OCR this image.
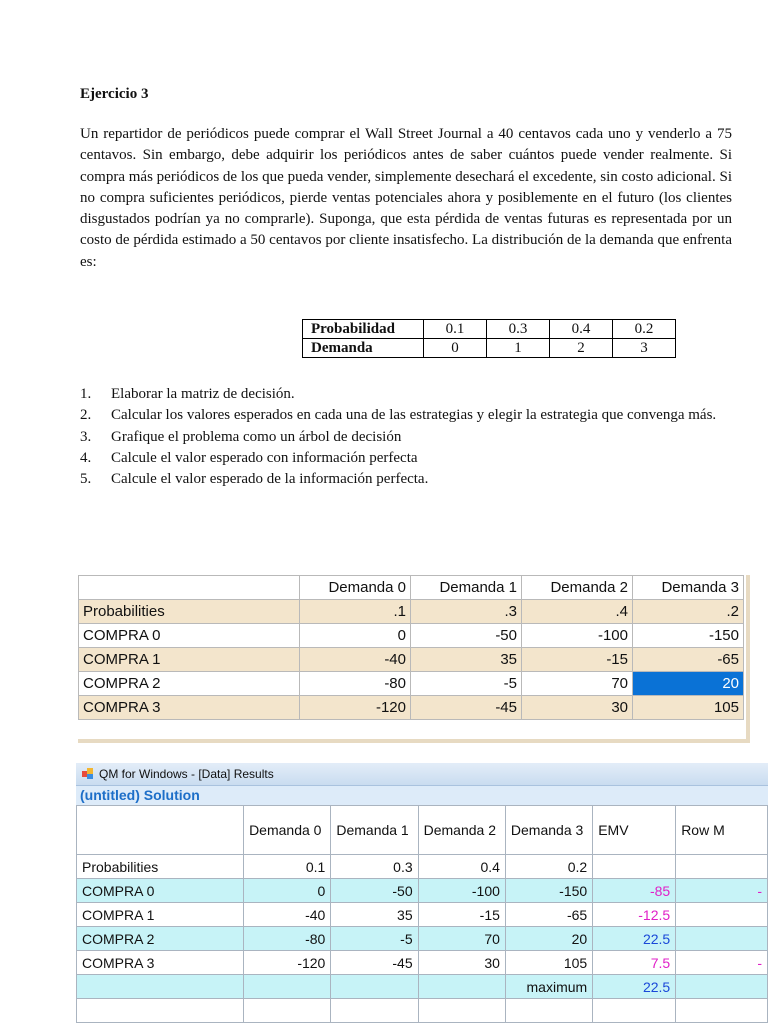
Ejercicio 3
Un repartidor de periódicos puede comprar el Wall Street Journal a 40 centavos cada uno y venderlo a 75 centavos. Sin embargo, debe adquirir los periódicos antes de saber cuántos puede vender realmente. Si compra más periódicos de los que pueda vender, simplemente desechará el excedente, sin costo adicional. Si no compra suficientes periódicos, pierde ventas potenciales ahora y posiblemente en el futuro (los clientes disgustados podrían ya no comprarle). Suponga, que esta pérdida de ventas futuras es representada por un costo de pérdida estimado a 50 centavos por cliente insatisfecho. La distribución de la demanda que enfrenta es:
Probabilidad	0.1	0.3	0.4	0.2
Demanda	0	1	2	3
1. Elaborar la matriz de decisión.
2. Calcular los valores esperados en cada una de las estrategias y elegir la estrategia que convenga más.
3. Grafique el problema como un árbol de decisión
4. Calcule el valor esperado con información perfecta
5. Calcule el valor esperado de la información perfecta.
	Demanda 0	Demanda 1	Demanda 2	Demanda 3
Probabilities	.1	.3	.4	.2
COMPRA 0	0	-50	-100	-150
COMPRA 1	-40	35	-15	-65
COMPRA 2	-80	-5	70	20
COMPRA 3	-120	-45	30	105
QM for Windows - [Data] Results
(untitled) Solution
	Demanda 0	Demanda 1	Demanda 2	Demanda 3	EMV	Row M
Probabilities	0.1	0.3	0.4	0.2		
COMPRA 0	0	-50	-100	-150	-85	-
COMPRA 1	-40	35	-15	-65	-12.5	
COMPRA 2	-80	-5	70	20	22.5	
COMPRA 3	-120	-45	30	105	7.5	-
				maximum	22.5	
